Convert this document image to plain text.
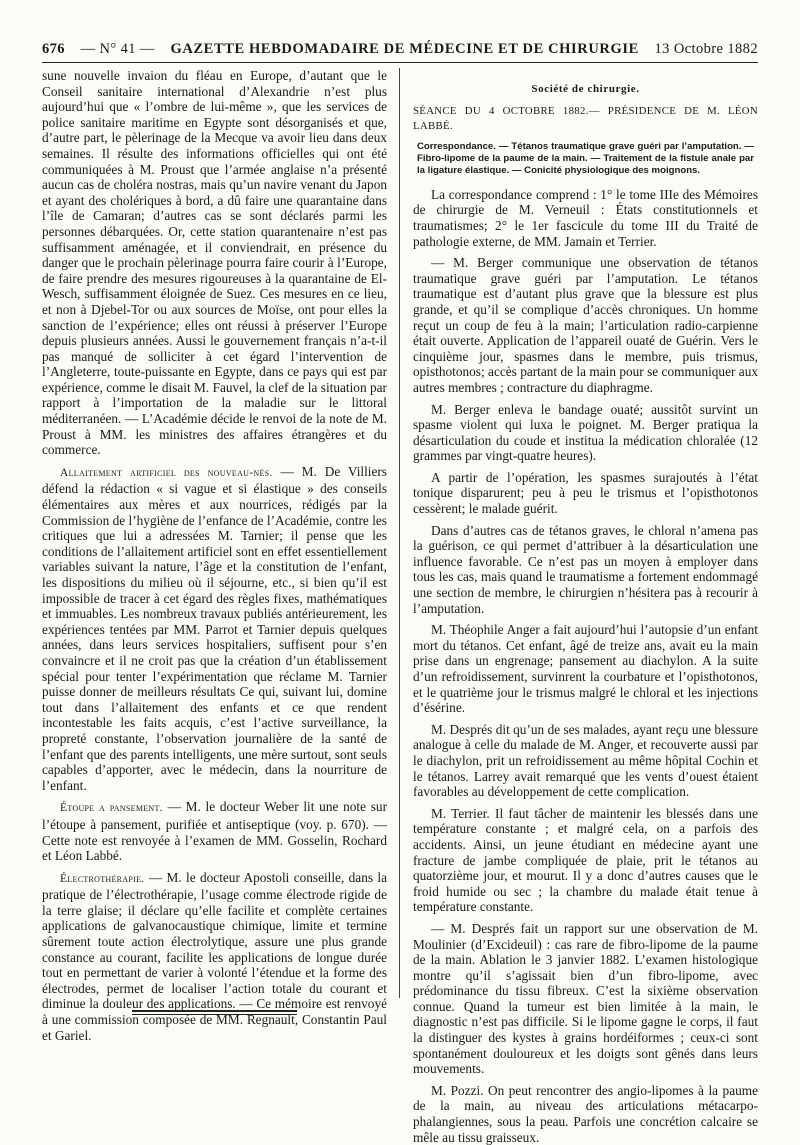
676 — N° 41 — GAZETTE HEBDOMADAIRE DE MÉDECINE ET DE CHIRURGIE 13 Octobre 1882

sune nouvelle invaion du fléau en Europe, d’autant que le Conseil sanitaire international d’Alexandrie n’est plus aujourd’hui que « l’ombre de lui-même », que les services de police sanitaire maritime en Egypte sont désorganisés et que, d’autre part, le pèlerinage de la Mecque va avoir lieu dans deux semaines. Il résulte des informations officielles qui ont été communiquées à M. Proust que l’armée anglaise n’a présenté aucun cas de choléra nostras, mais qu’un navire venant du Japon et ayant des cholériques à bord, a dû faire une quarantaine dans l’île de Camaran; d’autres cas se sont déclarés parmi les personnes débarquées. Or, cette station quarantenaire n’est pas suffisamment aménagée, et il conviendrait, en présence du danger que le prochain pèlerinage pourra faire courir à l’Europe, de faire prendre des mesures rigoureuses à la quarantaine de El-Wesch, suffisamment éloignée de Suez. Ces mesures en ce lieu, et non à Djebel-Tor ou aux sources de Moïse, ont pour elles la sanction de l’expérience; elles ont réussi à préserver l’Europe depuis plusieurs années. Aussi le gouvernement français n’a-t-il pas manqué de solliciter à cet égard l’intervention de l’Angleterre, toute-puissante en Egypte, dans ce pays qui est par expérience, comme le disait M. Fauvel, la clef de la situation par rapport à l’importation de la maladie sur le littoral méditerranéen. — L’Académie décide le renvoi de la note de M. Proust à MM. les ministres des affaires étrangères et du commerce.

Allaitement artificiel des nouveau-nés. — M. De Villiers défend la rédaction « si vague et si élastique » des conseils élémentaires aux mères et aux nourrices, rédigés par la Commission de l’hygiène de l’enfance de l’Académie, contre les critiques que lui a adressées M. Tarnier; il pense que les conditions de l’allaitement artificiel sont en effet essentiellement variables suivant la nature, l’âge et la constitution de l’enfant, les dispositions du milieu où il séjourne, etc., si bien qu’il est impossible de tracer à cet égard des règles fixes, mathématiques et immuables. Les nombreux travaux publiés antérieurement, les expériences tentées par MM. Parrot et Tarnier depuis quelques années, dans leurs services hospitaliers, suffisent pour s’en convaincre et il ne croit pas que la création d’un établissement spécial pour tenter l’expérimentation que réclame M. Tarnier puisse donner de meilleurs résultats Ce qui, suivant lui, domine tout dans l’allaitement des enfants et ce que rendent incontestable les faits acquis, c’est l’active surveillance, la propreté constante, l’observation journalière de la santé de l’enfant que des parents intelligents, une mère surtout, sont seuls capables d’apporter, avec le médecin, dans la nourriture de l’enfant.

Étoupe a pansement. — M. le docteur Weber lit une note sur l’étoupe à pansement, purifiée et antiseptique (voy. p. 670). — Cette note est renvoyée à l’examen de MM. Gosselin, Rochard et Léon Labbé.

Électrothérapie. — M. le docteur Apostoli conseille, dans la pratique de l’électrothérapie, l’usage comme électrode rigide de la terre glaise; il déclare qu’elle facilite et complète certaines applications de galvanocaustique chimique, limite et termine sûrement toute action électrolytique, assure une plus grande constance au courant, facilite les applications de longue durée tout en permettant de varier à volonté l’étendue et la forme des électrodes, permet de localiser l’action totale du courant et diminue la douleur des applications. — Ce mémoire est renvoyé à une commission composée de MM. Regnault, Constantin Paul et Gariel.

Société de chirurgie.

SÉANCE DU 4 OCTOBRE 1882.— PRÉSIDENCE DE M. LÉON LABBÉ.

Correspondance. — Tétanos traumatique grave guéri par l’amputation. — Fibro-lipome de la paume de la main. — Traitement de la fistule anale par la ligature élastique. — Conicité physiologique des moignons.

La correspondance comprend : 1° le tome IIIe des Mémoires de chirurgie de M. Verneuil : États constitutionnels et traumatismes; 2° le 1er fascicule du tome III du Traité de pathologie externe, de MM. Jamain et Terrier.

— M. Berger communique une observation de tétanos traumatique grave guéri par l’amputation. Le tétanos traumatique est d’autant plus grave que la blessure est plus grande, et qu’il se complique d’accès chroniques. Un homme reçut un coup de feu à la main; l’articulation radio-carpienne était ouverte. Application de l’appareil ouaté de Guérin. Vers le cinquième jour, spasmes dans le membre, puis trismus, opisthotonos; accès partant de la main pour se communiquer aux autres membres ; contracture du diaphragme.

M. Berger enleva le bandage ouaté; aussitôt survint un spasme violent qui luxa le poignet. M. Berger pratiqua la désarticulation du coude et institua la médication chloralée (12 grammes par vingt-quatre heures).

A partir de l’opération, les spasmes surajoutés à l’état tonique disparurent; peu à peu le trismus et l’opisthotonos cessèrent; le malade guérit.

Dans d’autres cas de tétanos graves, le chloral n’amena pas la guérison, ce qui permet d’attribuer à la désarticulation une influence favorable. Ce n’est pas un moyen à employer dans tous les cas, mais quand le traumatisme a fortement endommagé une section de membre, le chirurgien n’hésitera pas à recourir à l’amputation.

M. Théophile Anger a fait aujourd’hui l’autopsie d’un enfant mort du tétanos. Cet enfant, âgé de treize ans, avait eu la main prise dans un engrenage; pansement au diachylon. A la suite d’un refroidissement, survinrent la courbature et l’opisthotonos, et le quatrième jour le trismus malgré le chloral et les injections d’ésérine.

M. Després dit qu’un de ses malades, ayant reçu une blessure analogue à celle du malade de M. Anger, et recouverte aussi par le diachylon, prit un refroidissement au même hôpital Cochin et le tétanos. Larrey avait remarqué que les vents d’ouest étaient favorables au développement de cette complication.

M. Terrier. Il faut tâcher de maintenir les blessés dans une température constante ; et malgré cela, on a parfois des accidents. Ainsi, un jeune étudiant en médecine ayant une fracture de jambe compliquée de plaie, prit le tétanos au quatorzième jour, et mourut. Il y a donc d’autres causes que le froid humide ou sec ; la chambre du malade était tenue à température constante.

— M. Després fait un rapport sur une observation de M. Moulinier (d’Excideuil) : cas rare de fibro-lipome de la paume de la main. Ablation le 3 janvier 1882. L’examen histologique montre qu’il s’agissait bien d’un fibro-lipome, avec prédominance du tissu fibreux. C’est la sixième observation connue. Quand la tumeur est bien limitée à la main, le diagnostic n’est pas difficile. Si le lipome gagne le corps, il faut la distinguer des kystes à grains hordéiformes ; ceux-ci sont spontanément douloureux et les doigts sont gênés dans leurs mouvements.

M. Pozzi. On peut rencontrer des angio-lipomes à la paume de la main, au niveau des articulations métacarpo-phalangiennes, sous la peau. Parfois une concrétion calcaire se mêle au tissu graisseux.
